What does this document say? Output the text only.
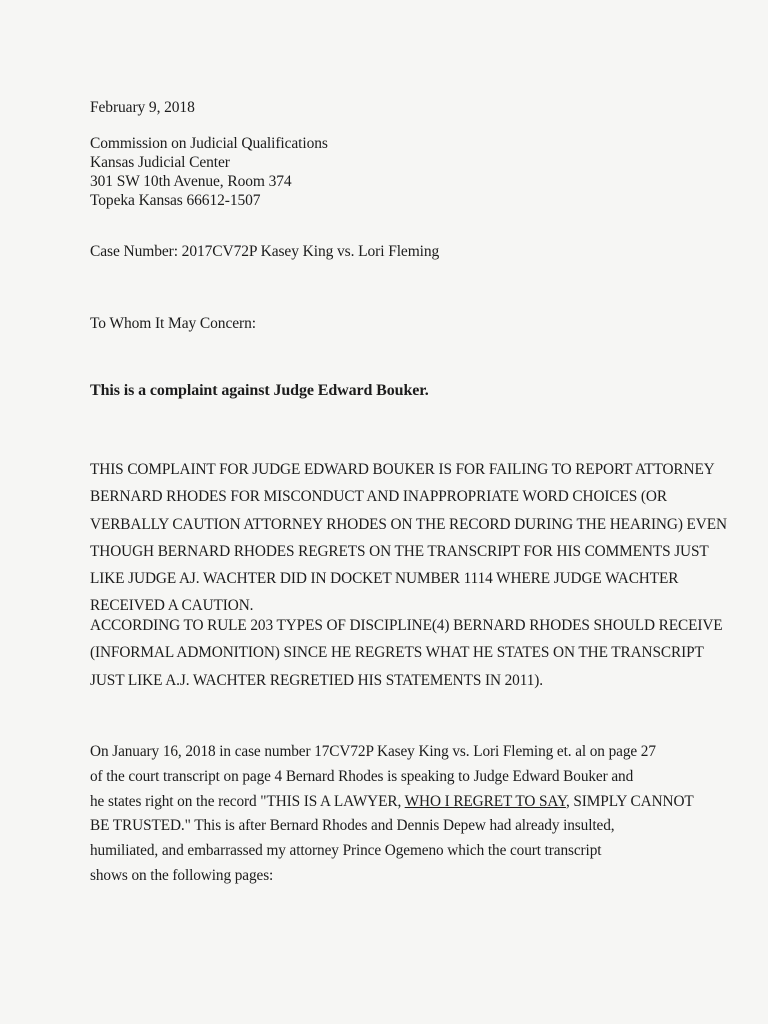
February 9, 2018
Commission on Judicial Qualifications
Kansas Judicial Center
301 SW 10th Avenue, Room 374
Topeka Kansas 66612-1507
Case Number: 2017CV72P Kasey King vs. Lori Fleming
To Whom It May Concern:
This is a complaint against Judge Edward Bouker.
THIS COMPLAINT FOR JUDGE EDWARD BOUKER IS FOR FAILING TO REPORT ATTORNEY
BERNARD RHODES FOR MISCONDUCT AND INAPPROPRIATE WORD CHOICES (OR
VERBALLY CAUTION ATTORNEY RHODES ON THE RECORD DURING THE HEARING) EVEN
THOUGH BERNARD RHODES REGRETS ON THE TRANSCRIPT FOR HIS COMMENTS JUST
LIKE JUDGE AJ. WACHTER DID IN DOCKET NUMBER 1114 WHERE JUDGE WACHTER
RECEIVED A CAUTION.
ACCORDING TO RULE 203 TYPES OF DISCIPLINE(4) BERNARD RHODES SHOULD RECEIVE
(INFORMAL ADMONITION) SINCE HE REGRETS WHAT HE STATES ON THE TRANSCRIPT
JUST LIKE A.J. WACHTER REGRETIED HIS STATEMENTS IN 2011).
On January 16, 2018 in case number 17CV72P Kasey King vs. Lori Fleming et. al on page 27
of the court transcript on page 4 Bernard Rhodes is speaking to Judge Edward Bouker and
he states right on the record "THIS IS A LAWYER, WHO I REGRET TO SAY, SIMPLY CANNOT
BE TRUSTED." This is after Bernard Rhodes and Dennis Depew had already insulted,
humiliated, and embarrassed my attorney Prince Ogemeno which the court transcript
shows on the following pages:
